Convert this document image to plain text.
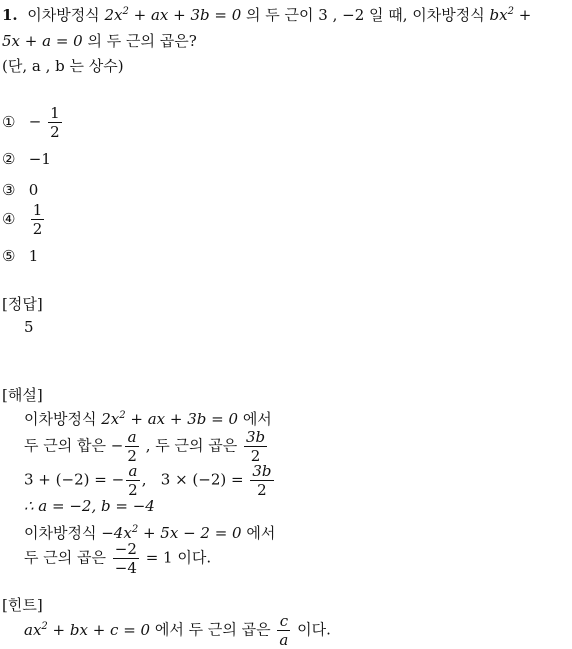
1. 이차방정식 $2x^2$ + ax + 3b = 0 의 두 근이 3 , −2 일 때, 이차방정식 $bx^2$ +
5x + a = 0 의 두 근의 곱은?
(단, a , b 는 상수)
① − $\frac{1}{2}$
② −1
③ 0
④ $\frac{1}{2}$
⑤ 1
[정답]
5
[해설]
이차방정식 $2x^2$ + ax + 3b = 0 에서
두 근의 합은 − $\frac{a}{2}$ , 두 근의 곱은 $\frac{3b}{2}$
3 + (−2) = − $\frac{a}{2}$ ,   $3 \times (-2) = \frac{3b}{2}$
∴ a = −2, b = −4
이차방정식 $-4x^2 + 5x - 2 = 0$ 에서
두 근의 곱은 $\frac{-2}{-4} = 1$ 이다.
[힌트]
$ax^2$ + bx + c = 0 에서 두 근의 곱은 $\frac{c}{a}$ 이다.
